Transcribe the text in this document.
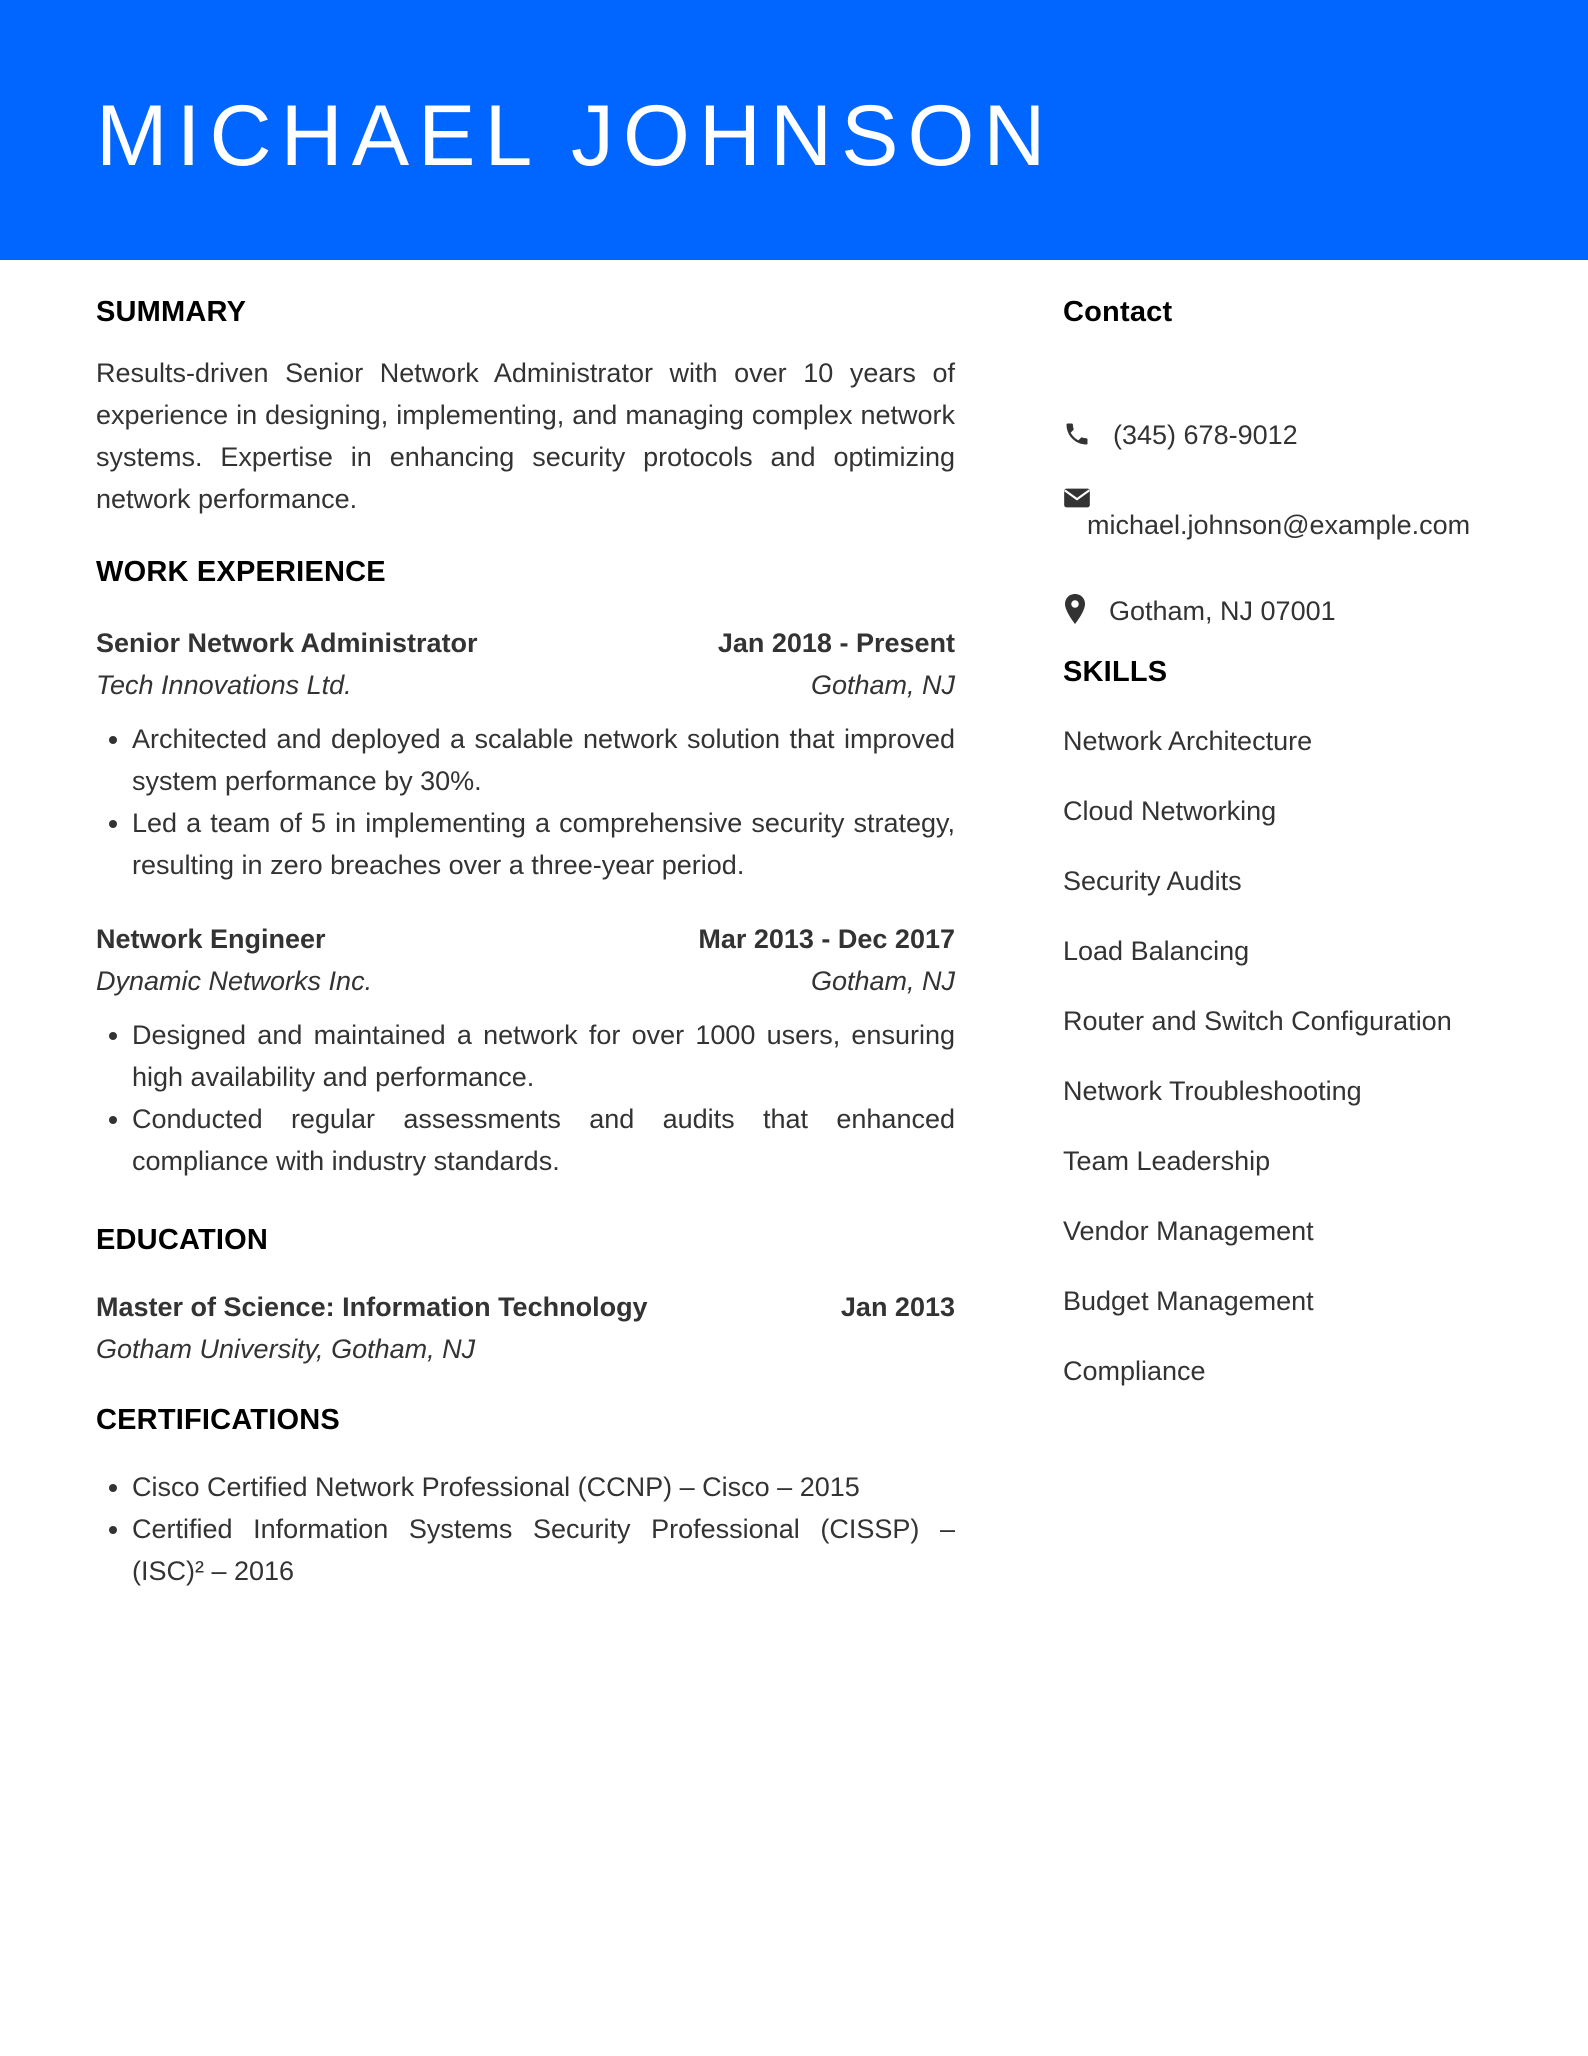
MICHAEL JOHNSON
SUMMARY

Results-driven Senior Network Administrator with over 10 years of experience in designing, implementing, and managing complex network systems. Expertise in enhancing security protocols and optimizing network performance.

WORK EXPERIENCE
Senior Network Administrator	Jan 2018 - Present
Tech Innovations Ltd.	Gotham, NJ
• Architected and deployed a scalable network solution that improved system performance by 30%.
• Led a team of 5 in implementing a comprehensive security strategy, resulting in zero breaches over a three-year period.
Network Engineer	Mar 2013 - Dec 2017
Dynamic Networks Inc.	Gotham, NJ
• Designed and maintained a network for over 1000 users, ensuring high availability and performance.
• Conducted regular assessments and audits that enhanced compliance with industry standards.
EDUCATION
Master of Science: Information Technology	Jan 2013
Gotham University, Gotham, NJ
CERTIFICATIONS
• Cisco Certified Network Professional (CCNP) – Cisco – 2015
• Certified Information Systems Security Professional (CISSP) – (ISC)² – 2016
Contact
(345) 678-9012
michael.johnson@example.com
Gotham, NJ 07001
SKILLS
Network Architecture
Cloud Networking
Security Audits
Load Balancing
Router and Switch Configuration
Network Troubleshooting
Team Leadership
Vendor Management
Budget Management
Compliance
